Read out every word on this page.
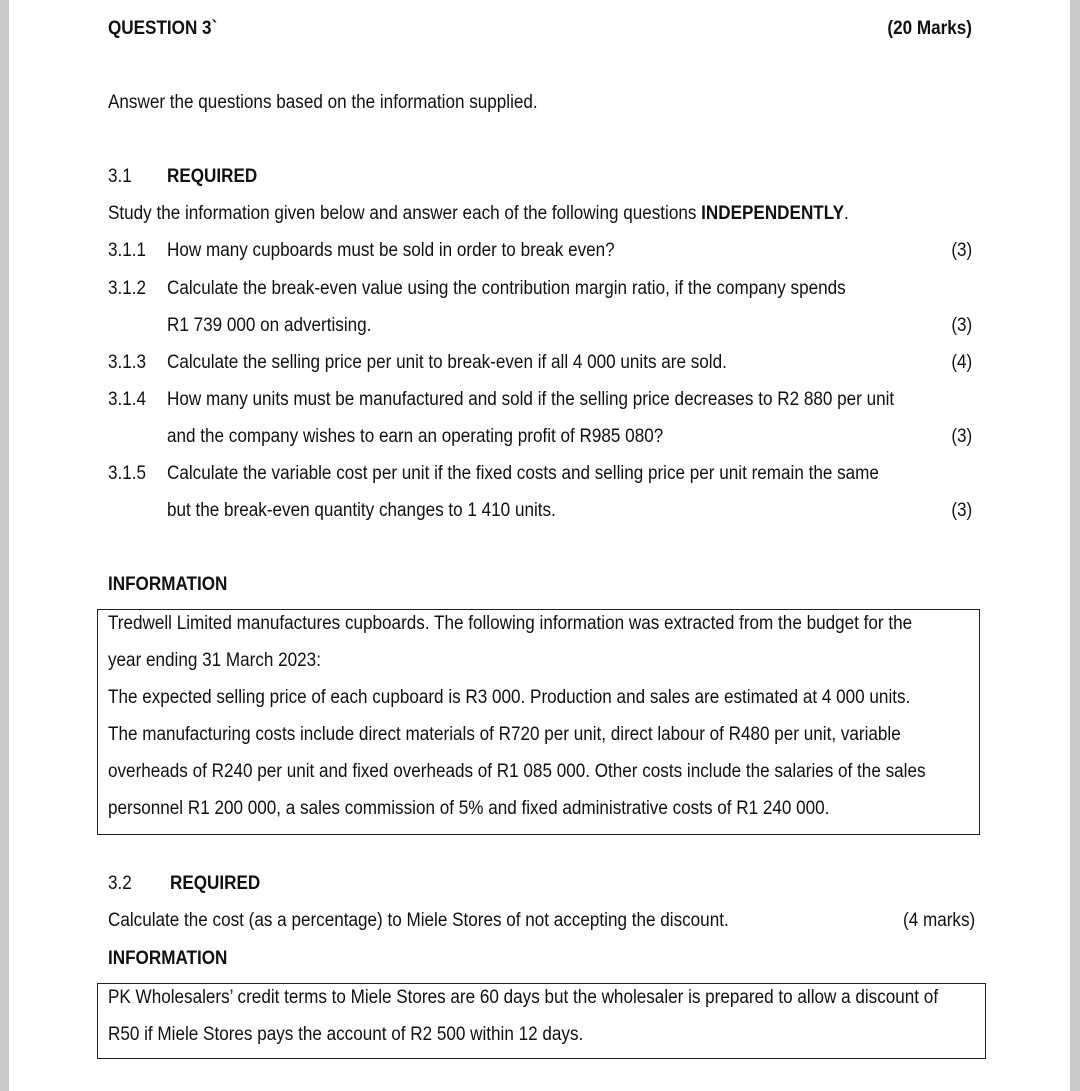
QUESTION 3`	(20 Marks)
Answer the questions based on the information supplied.
3.1 REQUIRED
Study the information given below and answer each of the following questions INDEPENDENTLY.
3.1.1 How many cupboards must be sold in order to break even?	(3)
3.1.2 Calculate the break-even value using the contribution margin ratio, if the company spends
R1 739 000 on advertising.	(3)
3.1.3 Calculate the selling price per unit to break-even if all 4 000 units are sold.	(4)
3.1.4 How many units must be manufactured and sold if the selling price decreases to R2 880 per unit
and the company wishes to earn an operating profit of R985 080?	(3)
3.1.5 Calculate the variable cost per unit if the fixed costs and selling price per unit remain the same
but the break-even quantity changes to 1 410 units.	(3)
INFORMATION
Tredwell Limited manufactures cupboards. The following information was extracted from the budget for the
year ending 31 March 2023:
The expected selling price of each cupboard is R3 000. Production and sales are estimated at 4 000 units.
The manufacturing costs include direct materials of R720 per unit, direct labour of R480 per unit, variable
overheads of R240 per unit and fixed overheads of R1 085 000. Other costs include the salaries of the sales
personnel R1 200 000, a sales commission of 5% and fixed administrative costs of R1 240 000.
3.2 REQUIRED
Calculate the cost (as a percentage) to Miele Stores of not accepting the discount.	(4 marks)
INFORMATION
PK Wholesalers’ credit terms to Miele Stores are 60 days but the wholesaler is prepared to allow a discount of
R50 if Miele Stores pays the account of R2 500 within 12 days.
